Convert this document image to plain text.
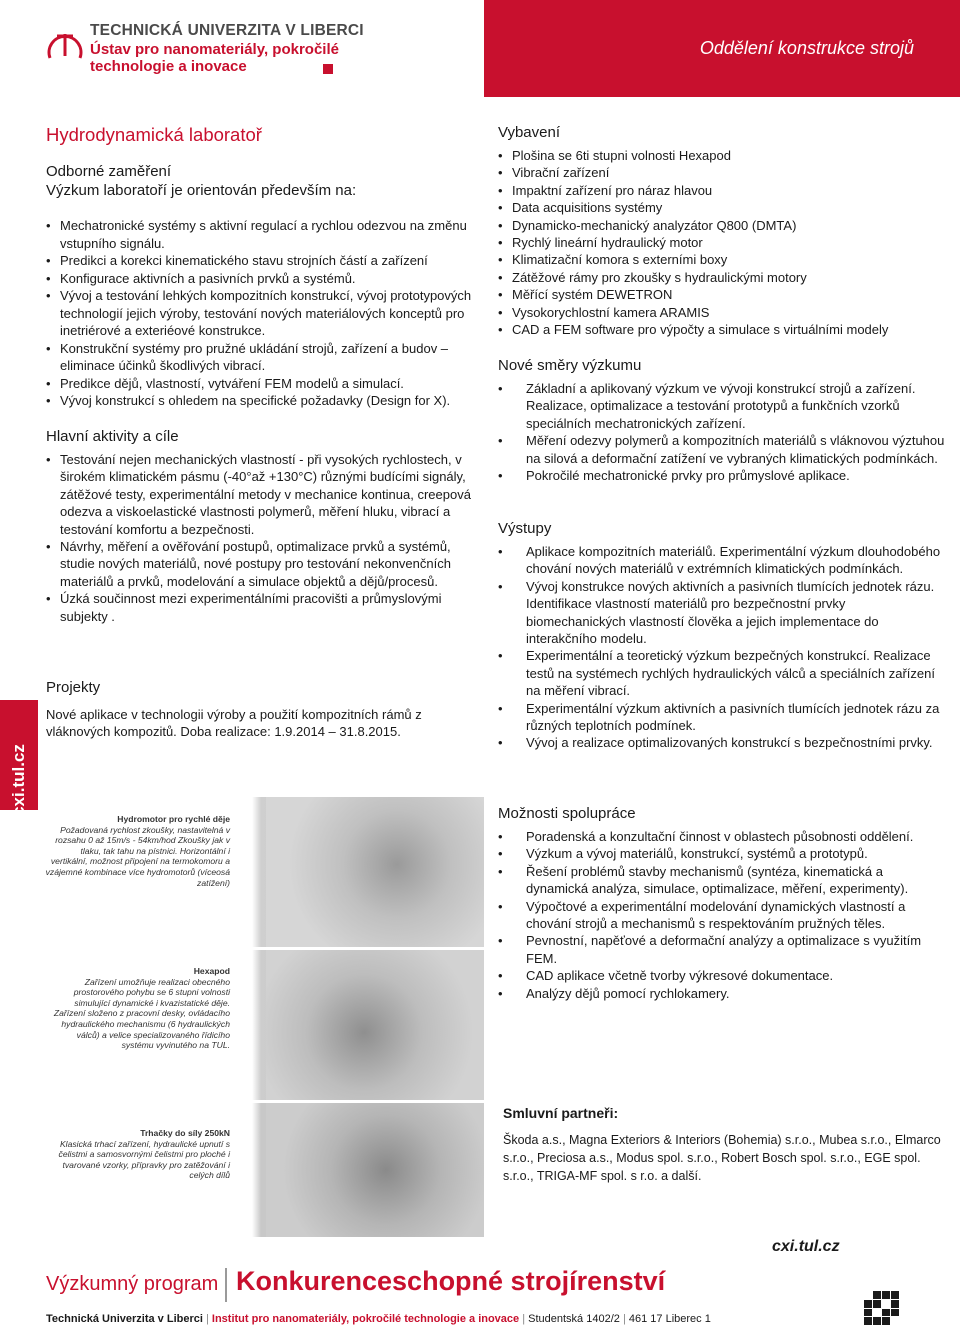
TECHNICKÁ UNIVERZITA V LIBERCI
Ústav pro nanomateriály, pokročilé
technologie a inovace
Oddělení konstrukce strojů
cxi.tul.cz
Hydrodynamická laboratoř
Odborné zaměření
Výzkum laboratoří je orientován především na:
• Mechatronické systémy s aktivní regulací a rychlou odezvou na změnu vstupního signálu.
• Predikci a korekci kinematického stavu strojních částí a zařízení
• Konfigurace aktivních a pasivních prvků a systémů.
• Vývoj a testování lehkých kompozitních konstrukcí, vývoj prototypových technologií jejich výroby, testování nových materiálových konceptů pro inetriérové a exteriéové konstrukce.
• Konstrukční systémy pro pružné ukládání strojů, zařízení a budov – eliminace účinků škodlivých vibrací.
• Predikce dějů, vlastností, vytváření FEM modelů a simulací.
• Vývoj konstrukcí s ohledem na specifické požadavky (Design for X).
Hlavní aktivity a cíle
• Testování nejen mechanických vlastností - při vysokých rychlostech, v širokém klimatickém pásmu (-40°až +130°C) různými budícími signály, zátěžové testy, experimentální metody v mechanice kontinua, creepová odezva a viskoelastické vlastnosti polymerů, měření hluku, vibrací a testování komfortu a bezpečnosti.
• Návrhy, měření a ověřování postupů, optimalizace prvků a systémů, studie nových materiálů, nové postupy pro testování nekonvenčních materiálů a prvků, modelování a simulace objektů a dějů/procesů.
• Úzká součinnost mezi experimentálními pracovišti a průmyslovými subjekty .
Projekty
Nové aplikace v technologii výroby a použití kompozitních rámů z vláknových kompozitů. Doba realizace: 1.9.2014 – 31.8.2015.
Hydromotor pro rychlé děje
Požadovaná rychlost zkoušky, nastavitelná v rozsahu 0 až 15m/s - 54km/hod Zkoušky jak v tlaku, tak tahu na pístnici. Horizontální i vertikální, možnost připojení na termokomoru a vzájemné kombinace více hydromotorů (víceosá zatížení)
Hexapod
Zařízení umožňuje realizaci obecného prostorového pohybu se 6 stupni volnosti simulující dynamické i kvazistatické děje. Zařízení složeno z pracovní desky, ovládacího hydraulického mechanismu (6 hydraulických válců) a velice specializovaného řídicího systému vyvinutého na TUL.
Trhačky do síly 250kN
Klasická trhací zařízení, hydraulické upnutí s čelistmi a samosvornými čelistmi pro ploché i tvarované vzorky, přípravky pro zatěžování i celých dílů
Vybavení
• Plošina se 6ti stupni volnosti Hexapod
• Vibrační zařízení
• Impaktní zařízení pro náraz hlavou
• Data acquisitions systémy
• Dynamicko-mechanický analyzátor Q800 (DMTA)
• Rychlý lineární hydraulický motor
• Klimatizační komora s externími boxy
• Zátěžové rámy pro zkoušky s hydraulickými motory
• Měřící systém DEWETRON
• Vysokorychlostní kamera ARAMIS
• CAD a FEM software pro výpočty a simulace s virtuálními modely
Nové směry výzkumu
• Základní a aplikovaný výzkum ve vývoji konstrukcí strojů a zařízení. Realizace, optimalizace a testování prototypů a funkčních vzorků speciálních mechatronických zařízení.
• Měření odezvy polymerů a kompozitních materiálů s vláknovou výztuhou na silová a deformační zatížení ve vybraných klimatických podmínkách.
• Pokročilé mechatronické prvky pro průmyslové aplikace.
Výstupy
• Aplikace kompozitních materiálů. Experimentální výzkum dlouhodobého chování nových materiálů v extrémních klimatických podmínkách.
• Vývoj konstrukce nových aktivních a pasivních tlumících jednotek rázu. Identifikace vlastností materiálů pro bezpečnostní prvky biomechanických vlastností člověka a jejich implementace do interakčního modelu.
• Experimentální a teoretický výzkum bezpečných konstrukcí. Realizace testů na systémech rychlých hydraulických válců a speciálních zařízení na měření vibrací.
• Experimentální výzkum aktivních a pasivních tlumících jednotek rázu za různých teplotních podmínek.
• Vývoj a realizace optimalizovaných konstrukcí s bezpečnostními prvky.
Možnosti spolupráce
• Poradenská a konzultační činnost v oblastech působnosti oddělení.
• Výzkum a vývoj materiálů, konstrukcí, systémů a prototypů.
• Řešení problémů stavby mechanismů (syntéza, kinematická a dynamická analýza, simulace, optimalizace, měření, experimenty).
• Výpočtové a experimentální modelování dynamických vlastností a chování strojů a mechanismů s respektováním pružných těles.
• Pevnostní, napěťové a deformační analýzy a optimalizace s využitím FEM.
• CAD aplikace včetně tvorby výkresové dokumentace.
• Analýzy dějů pomocí rychlokamery.
Smluvní partneři:
Škoda a.s., Magna Exteriors & Interiors (Bohemia) s.r.o., Mubea s.r.o., Elmarco s.r.o., Preciosa a.s., Modus spol. s.r.o., Robert Bosch spol. s.r.o., EGE spol. s.r.o., TRIGA-MF spol. s r.o. a další.
cxi.tul.cz
Výzkumný program Konkurenceschopné strojírenství
Technická Univerzita v Liberci | Institut pro nanomateriály, pokročilé technologie a inovace | Studentská 1402/2 | 461 17 Liberec 1
